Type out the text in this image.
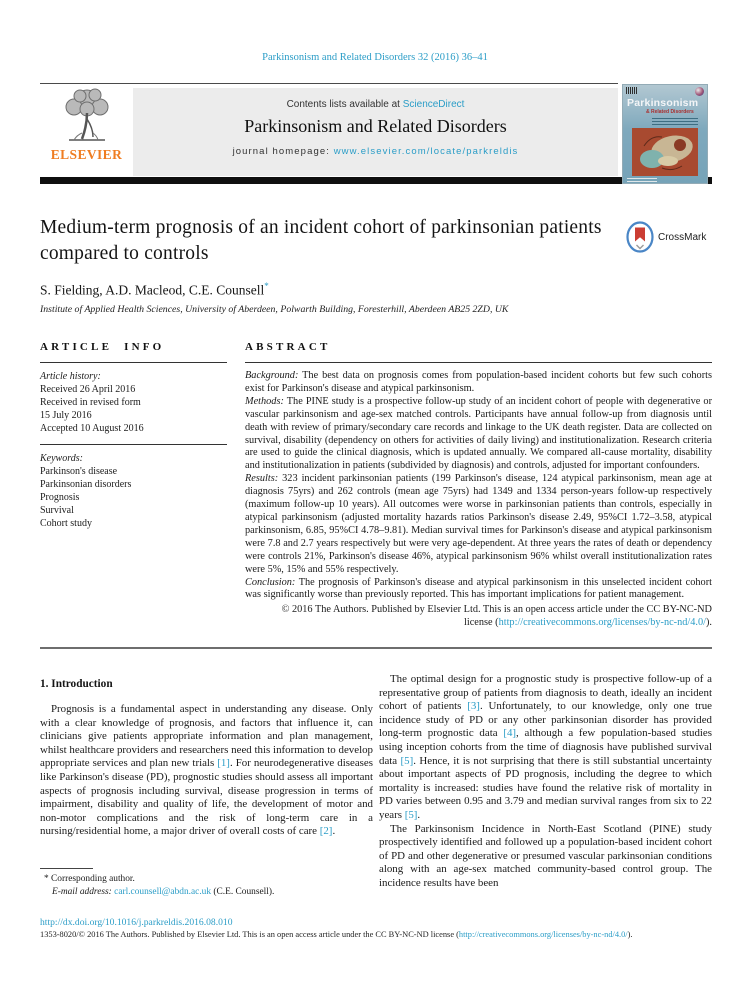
Parkinsonism and Related Disorders 32 (2016) 36–41
ELSEVIER
Contents lists available at ScienceDirect
Parkinsonism and Related Disorders
journal homepage: www.elsevier.com/locate/parkreldis
Parkinsonism
& Related Disorders
Medium-term prognosis of an incident cohort of parkinsonian patients compared to controls
CrossMark
S. Fielding, A.D. Macleod, C.E. Counsell*
Institute of Applied Health Sciences, University of Aberdeen, Polwarth Building, Foresterhill, Aberdeen AB25 2ZD, UK
ARTICLE INFO
Article history:
Received 26 April 2016
Received in revised form
15 July 2016
Accepted 10 August 2016
Keywords:
Parkinson's disease
Parkinsonian disorders
Prognosis
Survival
Cohort study
ABSTRACT
Background: The best data on prognosis comes from population-based incident cohorts but few such cohorts exist for Parkinson's disease and atypical parkinsonism.
Methods: The PINE study is a prospective follow-up study of an incident cohort of people with degenerative or vascular parkinsonism and age-sex matched controls. Participants have annual follow-up from diagnosis until death with review of primary/secondary care records and linkage to the UK death register. Data are collected on survival, disability (dependency on others for activities of daily living) and institutionalization. Research criteria are used to guide the clinical diagnosis, which is updated annually. We compared all-cause mortality, disability and institutionalization in patients (subdivided by diagnosis) and controls, adjusted for important confounders.
Results: 323 incident parkinsonian patients (199 Parkinson's disease, 124 atypical parkinsonism, mean age at diagnosis 75yrs) and 262 controls (mean age 75yrs) had 1349 and 1334 person-years follow-up respectively (maximum follow-up 10 years). All outcomes were worse in parkinsonian patients than controls, especially in atypical parkinsonism (adjusted mortality hazards ratios Parkinson's disease 2.49, 95%CI 1.72–3.58, atypical parkinsonism, 6.85, 95%CI 4.78–9.81). Median survival times for Parkinson's disease and atypical parkinsonism were 7.8 and 2.7 years respectively but were very age-dependent. At three years the rates of death or dependency were controls 21%, Parkinson's disease 46%, atypical parkinsonism 96% whilst overall institutionalization rates were 5%, 15% and 55% respectively.
Conclusion: The prognosis of Parkinson's disease and atypical parkinsonism in this unselected incident cohort was significantly worse than previously reported. This has important implications for patient management.
© 2016 The Authors. Published by Elsevier Ltd. This is an open access article under the CC BY-NC-ND
license (http://creativecommons.org/licenses/by-nc-nd/4.0/).
1. Introduction

Prognosis is a fundamental aspect in understanding any disease. Only with a clear knowledge of prognosis, and factors that influence it, can clinicians give patients appropriate information and plan management, whilst healthcare providers and researchers need this information to develop appropriate services and plan new trials [1]. For neurodegenerative diseases like Parkinson's disease (PD), prognostic studies should assess all important aspects of prognosis including survival, disease progression in terms of impairment, disability and quality of life, the development of motor and non-motor complications and the risk of long-term care in a nursing/residential home, a major driver of overall costs of care [2].

The optimal design for a prognostic study is prospective follow-up of a representative group of patients from diagnosis to death, ideally an incident cohort of patients [3]. Unfortunately, to our knowledge, only one true incidence study of PD or any other parkinsonian disorder has provided long-term prognostic data [4], although a few population-based studies using inception cohorts from the time of diagnosis have published survival data [5]. Hence, it is not surprising that there is still substantial uncertainty about important aspects of PD prognosis, including the degree to which mortality is increased: studies have found the relative risk of mortality in PD varies between 0.95 and 3.79 and median survival ranges from six to 22 years [5].

The Parkinsonism Incidence in North-East Scotland (PINE) study prospectively identified and followed up a population-based incident cohort of PD and other degenerative or presumed vascular parkinsonian conditions along with an age-sex matched community-based control group. The incidence results have been

* Corresponding author.
E-mail address: carl.counsell@abdn.ac.uk (C.E. Counsell).
http://dx.doi.org/10.1016/j.parkreldis.2016.08.010
1353-8020/© 2016 The Authors. Published by Elsevier Ltd. This is an open access article under the CC BY-NC-ND license (http://creativecommons.org/licenses/by-nc-nd/4.0/).
